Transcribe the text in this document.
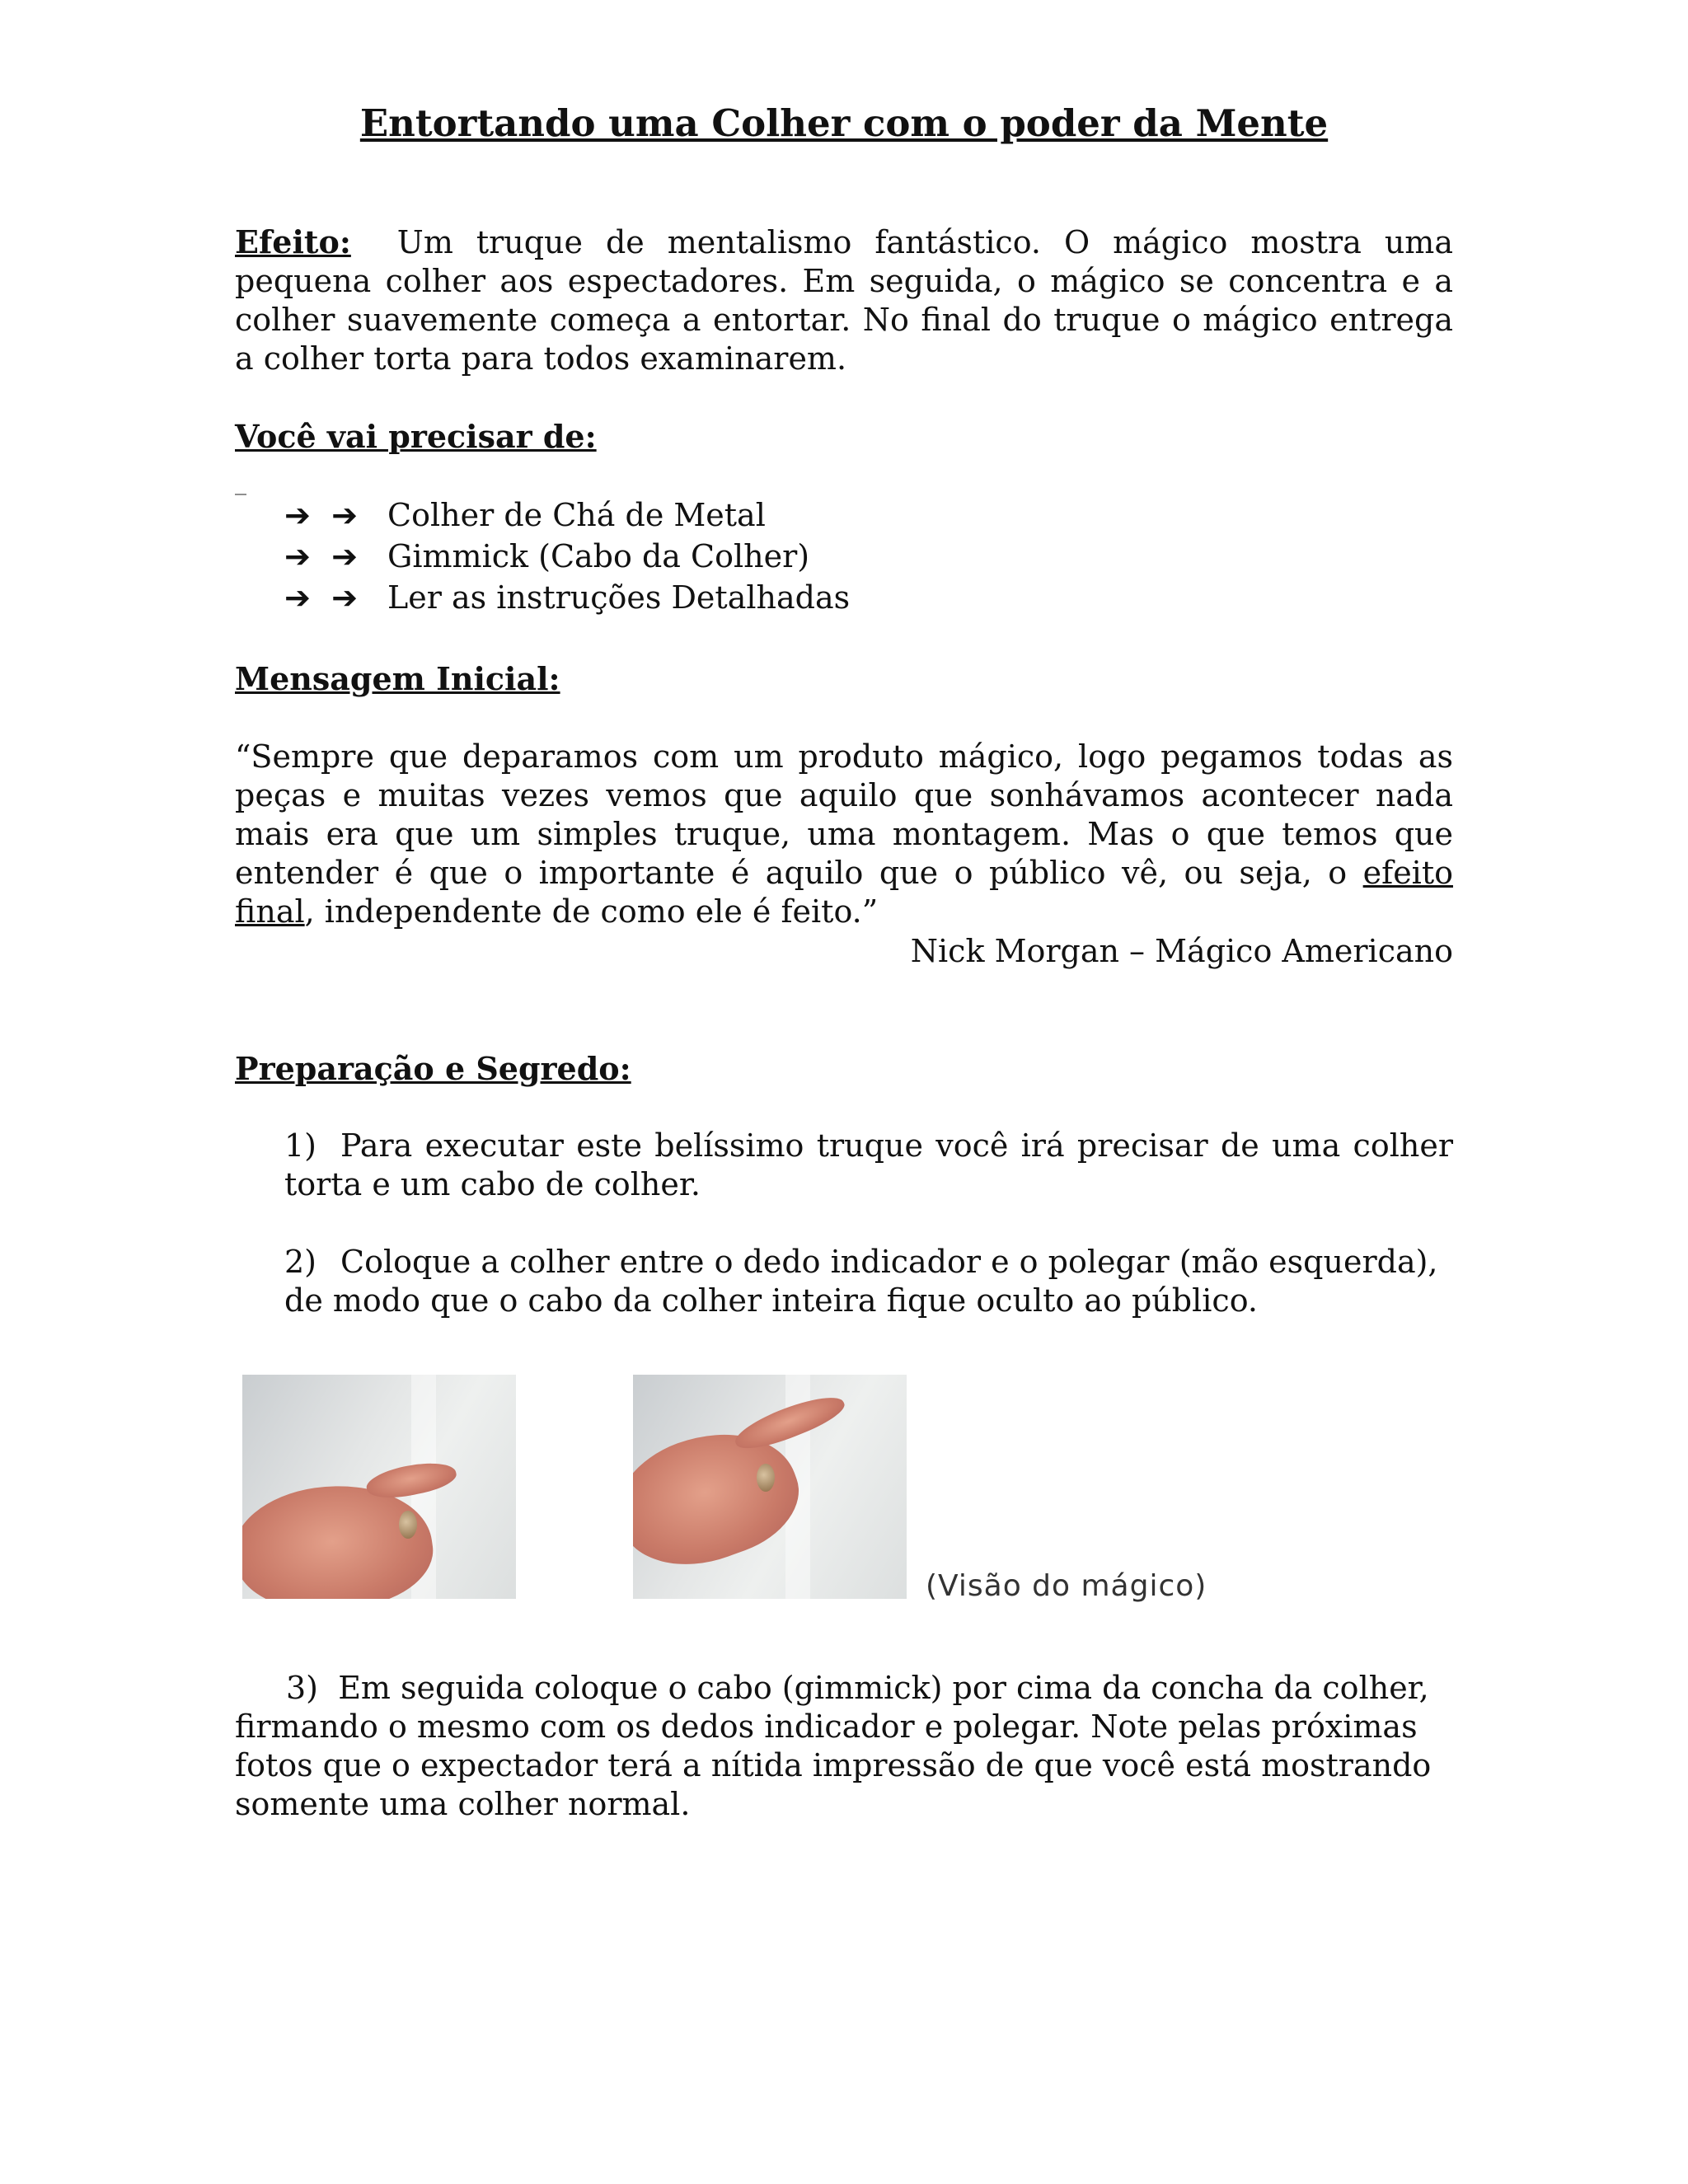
Entortando uma Colher com o poder da Mente

Efeito: Um truque de mentalismo fantástico. O mágico mostra uma pequena colher aos espectadores. Em seguida, o mágico se concentra e a colher suavemente começa a entortar. No final do truque o mágico entrega a colher torta para todos examinarem.

Você vai precisar de:

_
➔ ➔ Colher de Chá de Metal
➔ ➔ Gimmick (Cabo da Colher)
➔ ➔ Ler as instruções Detalhadas

Mensagem Inicial:

“Sempre que deparamos com um produto mágico, logo pegamos todas as peças e muitas vezes vemos que aquilo que sonhávamos acontecer nada mais era que um simples truque, uma montagem. Mas o que temos que entender é que o importante é aquilo que o público vê, ou seja, o efeito final, independente de como ele é feito.”

Nick Morgan – Mágico Americano

Preparação e Segredo:

1) Para executar este belíssimo truque você irá precisar de uma colher torta e um cabo de colher.

2) Coloque a colher entre o dedo indicador e o polegar (mão esquerda), de modo que o cabo da colher inteira fique oculto ao público.

3) Em seguida coloque o cabo (gimmick) por cima da concha da colher, firmando o mesmo com os dedos indicador e polegar. Note pelas próximas fotos que o expectador terá a nítida impressão de que você está mostrando somente uma colher normal.

(Visão do mágico)
